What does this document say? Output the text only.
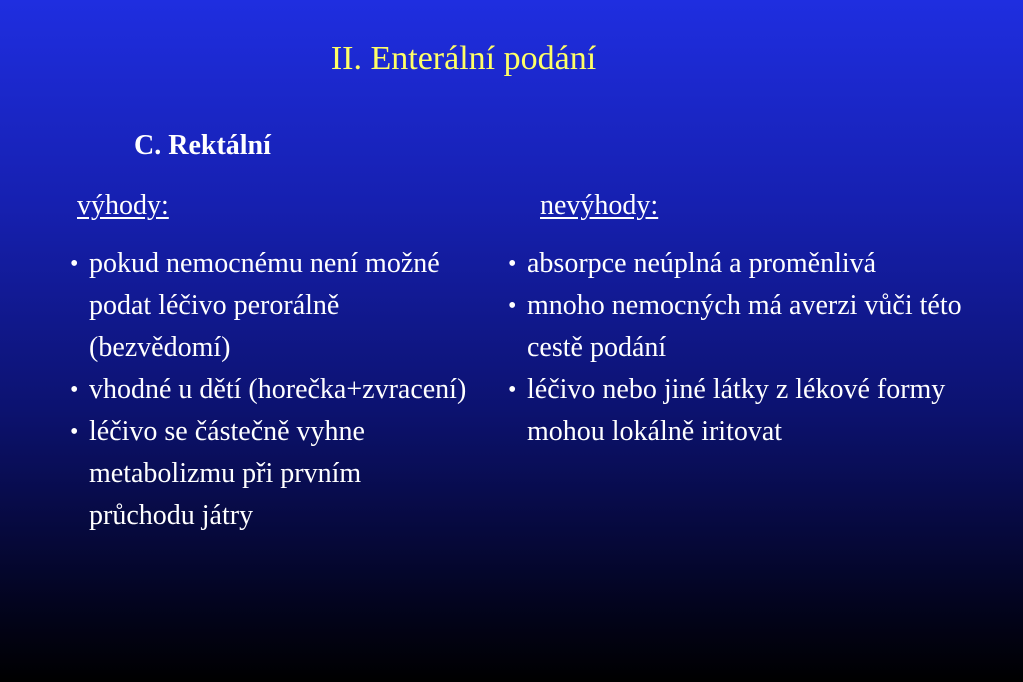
II. Enterální podání
C. Rektální
výhody:	nevýhody:
• pokud nemocnému není možné podat léčivo perorálně (bezvědomí)
• vhodné u dětí (horečka+zvracení)
• léčivo se částečně vyhne metabolizmu při prvním průchodu játry
• absorpce neúplná a proměnlivá
• mnoho nemocných má averzi vůči této cestě podání
• léčivo nebo jiné látky z lékové formy mohou lokálně iritovat
